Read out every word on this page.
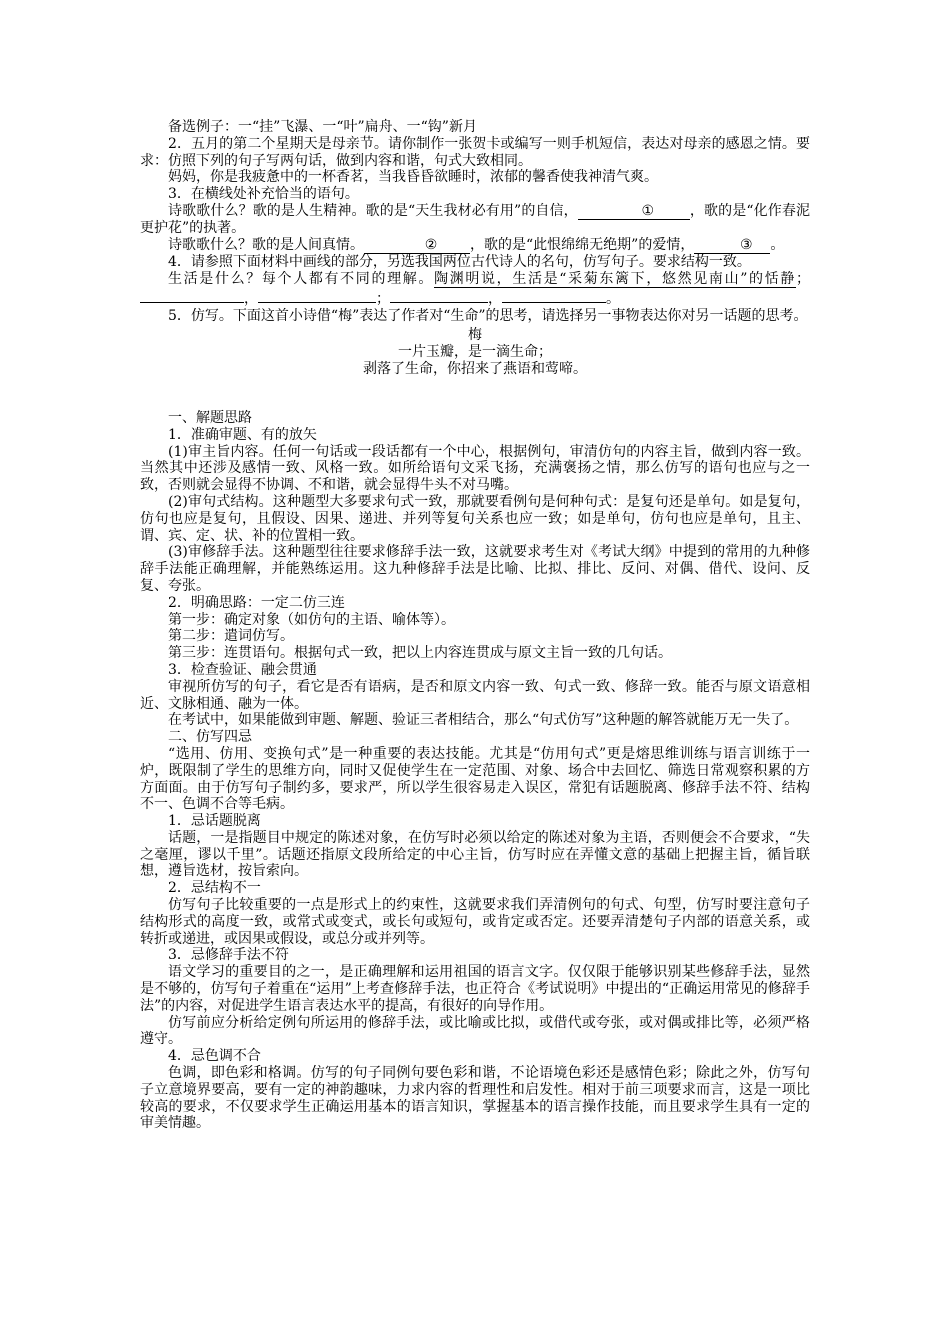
备选例子：一“挂”飞瀑、一“叶”扁舟、一“钩”新月

2．五月的第二个星期天是母亲节。请你制作一张贺卡或编写一则手机短信，表达对母亲的感恩之情。要求：仿照下列的句子写两句话，做到内容和谐，句式大致相同。

妈妈，你是我疲惫中的一杯香茗，当我昏昏欲睡时，浓郁的馨香使我神清气爽。

3．在横线处补充恰当的语句。

诗歌歌什么？歌的是人生精神。歌的是“天生我材必有用”的自信，	①	，歌的是“化作春泥更护花”的执著。

诗歌歌什么？歌的是人间真情。	② ，歌的是“此恨绵绵无绝期”的爱情，	③ 。

4．请参照下面材料中画线的部分，另选我国两位古代诗人的名句，仿写句子。要求结构一致。

生活是什么？每个人都有不同的理解。陶渊明说，生活是“采菊东篱下，悠然见南山”的恬静；，	；	，	。

5．仿写。下面这首小诗借“梅”表达了作者对“生命”的思考，请选择另一事物表达你对另一话题的思考。

梅

一片玉瓣，是一滴生命；

剥落了生命，你招来了燕语和莺啼。

一、解题思路

1．准确审题、有的放矢

(1)审主旨内容。任何一句话或一段话都有一个中心，根据例句，审清仿句的内容主旨，做到内容一致。当然其中还涉及感情一致、风格一致。如所给语句文采飞扬，充满褒扬之情，那么仿写的语句也应与之一致，否则就会显得不协调、不和谐，就会显得牛头不对马嘴。

(2)审句式结构。这种题型大多要求句式一致，那就要看例句是何种句式：是复句还是单句。如是复句，仿句也应是复句，且假设、因果、递进、并列等复句关系也应一致；如是单句，仿句也应是单句，且主、谓、宾、定、状、补的位置相一致。

(3)审修辞手法。这种题型往往要求修辞手法一致，这就要求考生对《考试大纲》中提到的常用的九种修辞手法能正确理解，并能熟练运用。这九种修辞手法是比喻、比拟、排比、反问、对偶、借代、设问、反复、夸张。

2．明确思路：一定二仿三连

第一步：确定对象（如仿句的主语、喻体等）。

第二步：遣词仿写。

第三步：连贯语句。根据句式一致，把以上内容连贯成与原文主旨一致的几句话。

3．检查验证、融会贯通

审视所仿写的句子，看它是否有语病，是否和原文内容一致、句式一致、修辞一致。能否与原文语意相近、文脉相通、融为一体。

在考试中，如果能做到审题、解题、验证三者相结合，那么“句式仿写”这种题的解答就能万无一失了。

二、仿写四忌

“选用、仿用、变换句式”是一种重要的表达技能。尤其是“仿用句式”更是熔思维训练与语言训练于一炉，既限制了学生的思维方向，同时又促使学生在一定范围、对象、场合中去回忆、筛选日常观察积累的方方面面。由于仿写句子制约多，要求严，所以学生很容易走入误区，常犯有话题脱离、修辞手法不符、结构不一、色调不合等毛病。

1．忌话题脱离

话题，一是指题目中规定的陈述对象，在仿写时必须以给定的陈述对象为主语，否则便会不合要求，“失之毫厘，谬以千里”。话题还指原文段所给定的中心主旨，仿写时应在弄懂文意的基础上把握主旨，循旨联想，遵旨选材，按旨索向。

2．忌结构不一

仿写句子比较重要的一点是形式上的约束性，这就要求我们弄清例句的句式、句型，仿写时要注意句子结构形式的高度一致，或常式或变式，或长句或短句，或肯定或否定。还要弄清楚句子内部的语意关系，或转折或递进，或因果或假设，或总分或并列等。

3．忌修辞手法不符

语文学习的重要目的之一，是正确理解和运用祖国的语言文字。仅仅限于能够识别某些修辞手法，显然是不够的，仿写句子着重在“运用”上考查修辞手法，也正符合《考试说明》中提出的“正确运用常见的修辞手法”的内容，对促进学生语言表达水平的提高，有很好的向导作用。

仿写前应分析给定例句所运用的修辞手法，或比喻或比拟，或借代或夸张，或对偶或排比等，必须严格遵守。

4．忌色调不合

色调，即色彩和格调。仿写的句子同例句要色彩和谐，不论语境色彩还是感情色彩；除此之外，仿写句子立意境界要高，要有一定的神韵趣味，力求内容的哲理性和启发性。相对于前三项要求而言，这是一项比较高的要求，不仅要求学生正确运用基本的语言知识，掌握基本的语言操作技能，而且要求学生具有一定的审美情趣。
